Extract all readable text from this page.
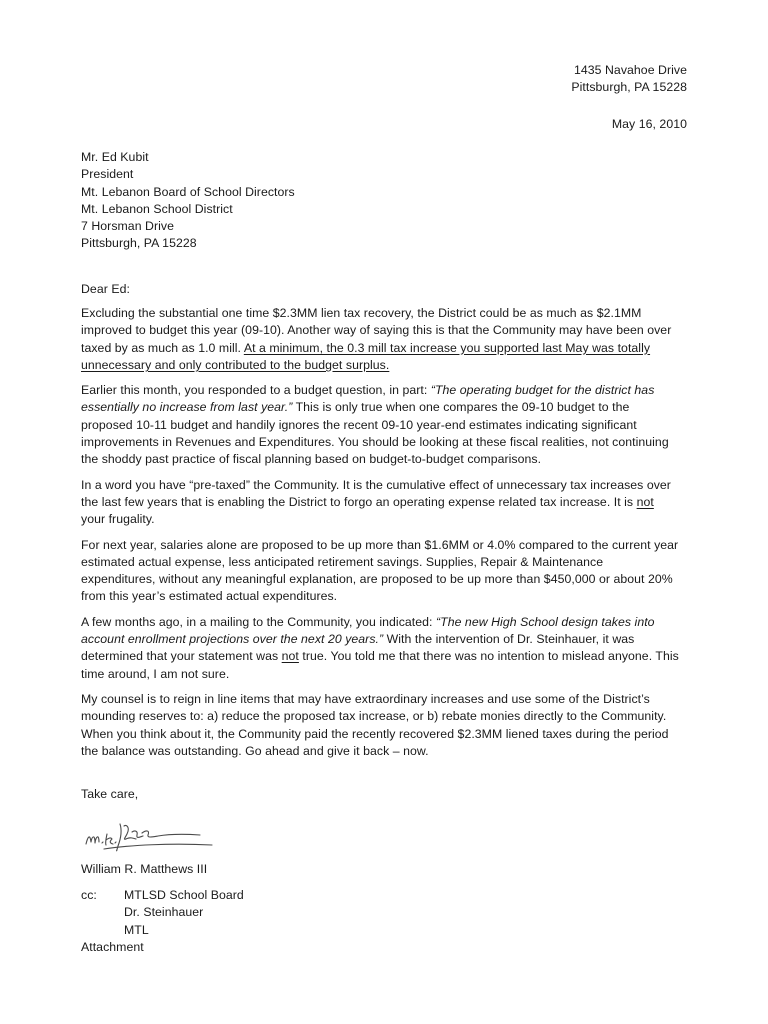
1435 Navahoe Drive
Pittsburgh, PA 15228
May 16, 2010
Mr. Ed Kubit
President
Mt. Lebanon Board of School Directors
Mt. Lebanon School District
7 Horsman Drive
Pittsburgh, PA 15228
Dear Ed:

Excluding the substantial one time $2.3MM lien tax recovery, the District could be as much as $2.1MM improved to budget this year (09-10). Another way of saying this is that the Community may have been over taxed by as much as 1.0 mill. At a minimum, the 0.3 mill tax increase you supported last May was totally unnecessary and only contributed to the budget surplus.

Earlier this month, you responded to a budget question, in part: “The operating budget for the district has essentially no increase from last year.” This is only true when one compares the 09-10 budget to the proposed 10-11 budget and handily ignores the recent 09-10 year-end estimates indicating significant improvements in Revenues and Expenditures. You should be looking at these fiscal realities, not continuing the shoddy past practice of fiscal planning based on budget-to-budget comparisons.

In a word you have “pre-taxed” the Community. It is the cumulative effect of unnecessary tax increases over the last few years that is enabling the District to forgo an operating expense related tax increase. It is not your frugality.

For next year, salaries alone are proposed to be up more than $1.6MM or 4.0% compared to the current year estimated actual expense, less anticipated retirement savings. Supplies, Repair & Maintenance expenditures, without any meaningful explanation, are proposed to be up more than $450,000 or about 20% from this year’s estimated actual expenditures.

A few months ago, in a mailing to the Community, you indicated: “The new High School design takes into account enrollment projections over the next 20 years.” With the intervention of Dr. Steinhauer, it was determined that your statement was not true. You told me that there was no intention to mislead anyone. This time around, I am not sure.

My counsel is to reign in line items that may have extraordinary increases and use some of the District’s mounding reserves to: a) reduce the proposed tax increase, or b) rebate monies directly to the Community. When you think about it, the Community paid the recently recovered $2.3MM liened taxes during the period the balance was outstanding. Go ahead and give it back – now.

Take care,
William R. Matthews III
cc: MTLSD School Board
Dr. Steinhauer
MTL
Attachment
